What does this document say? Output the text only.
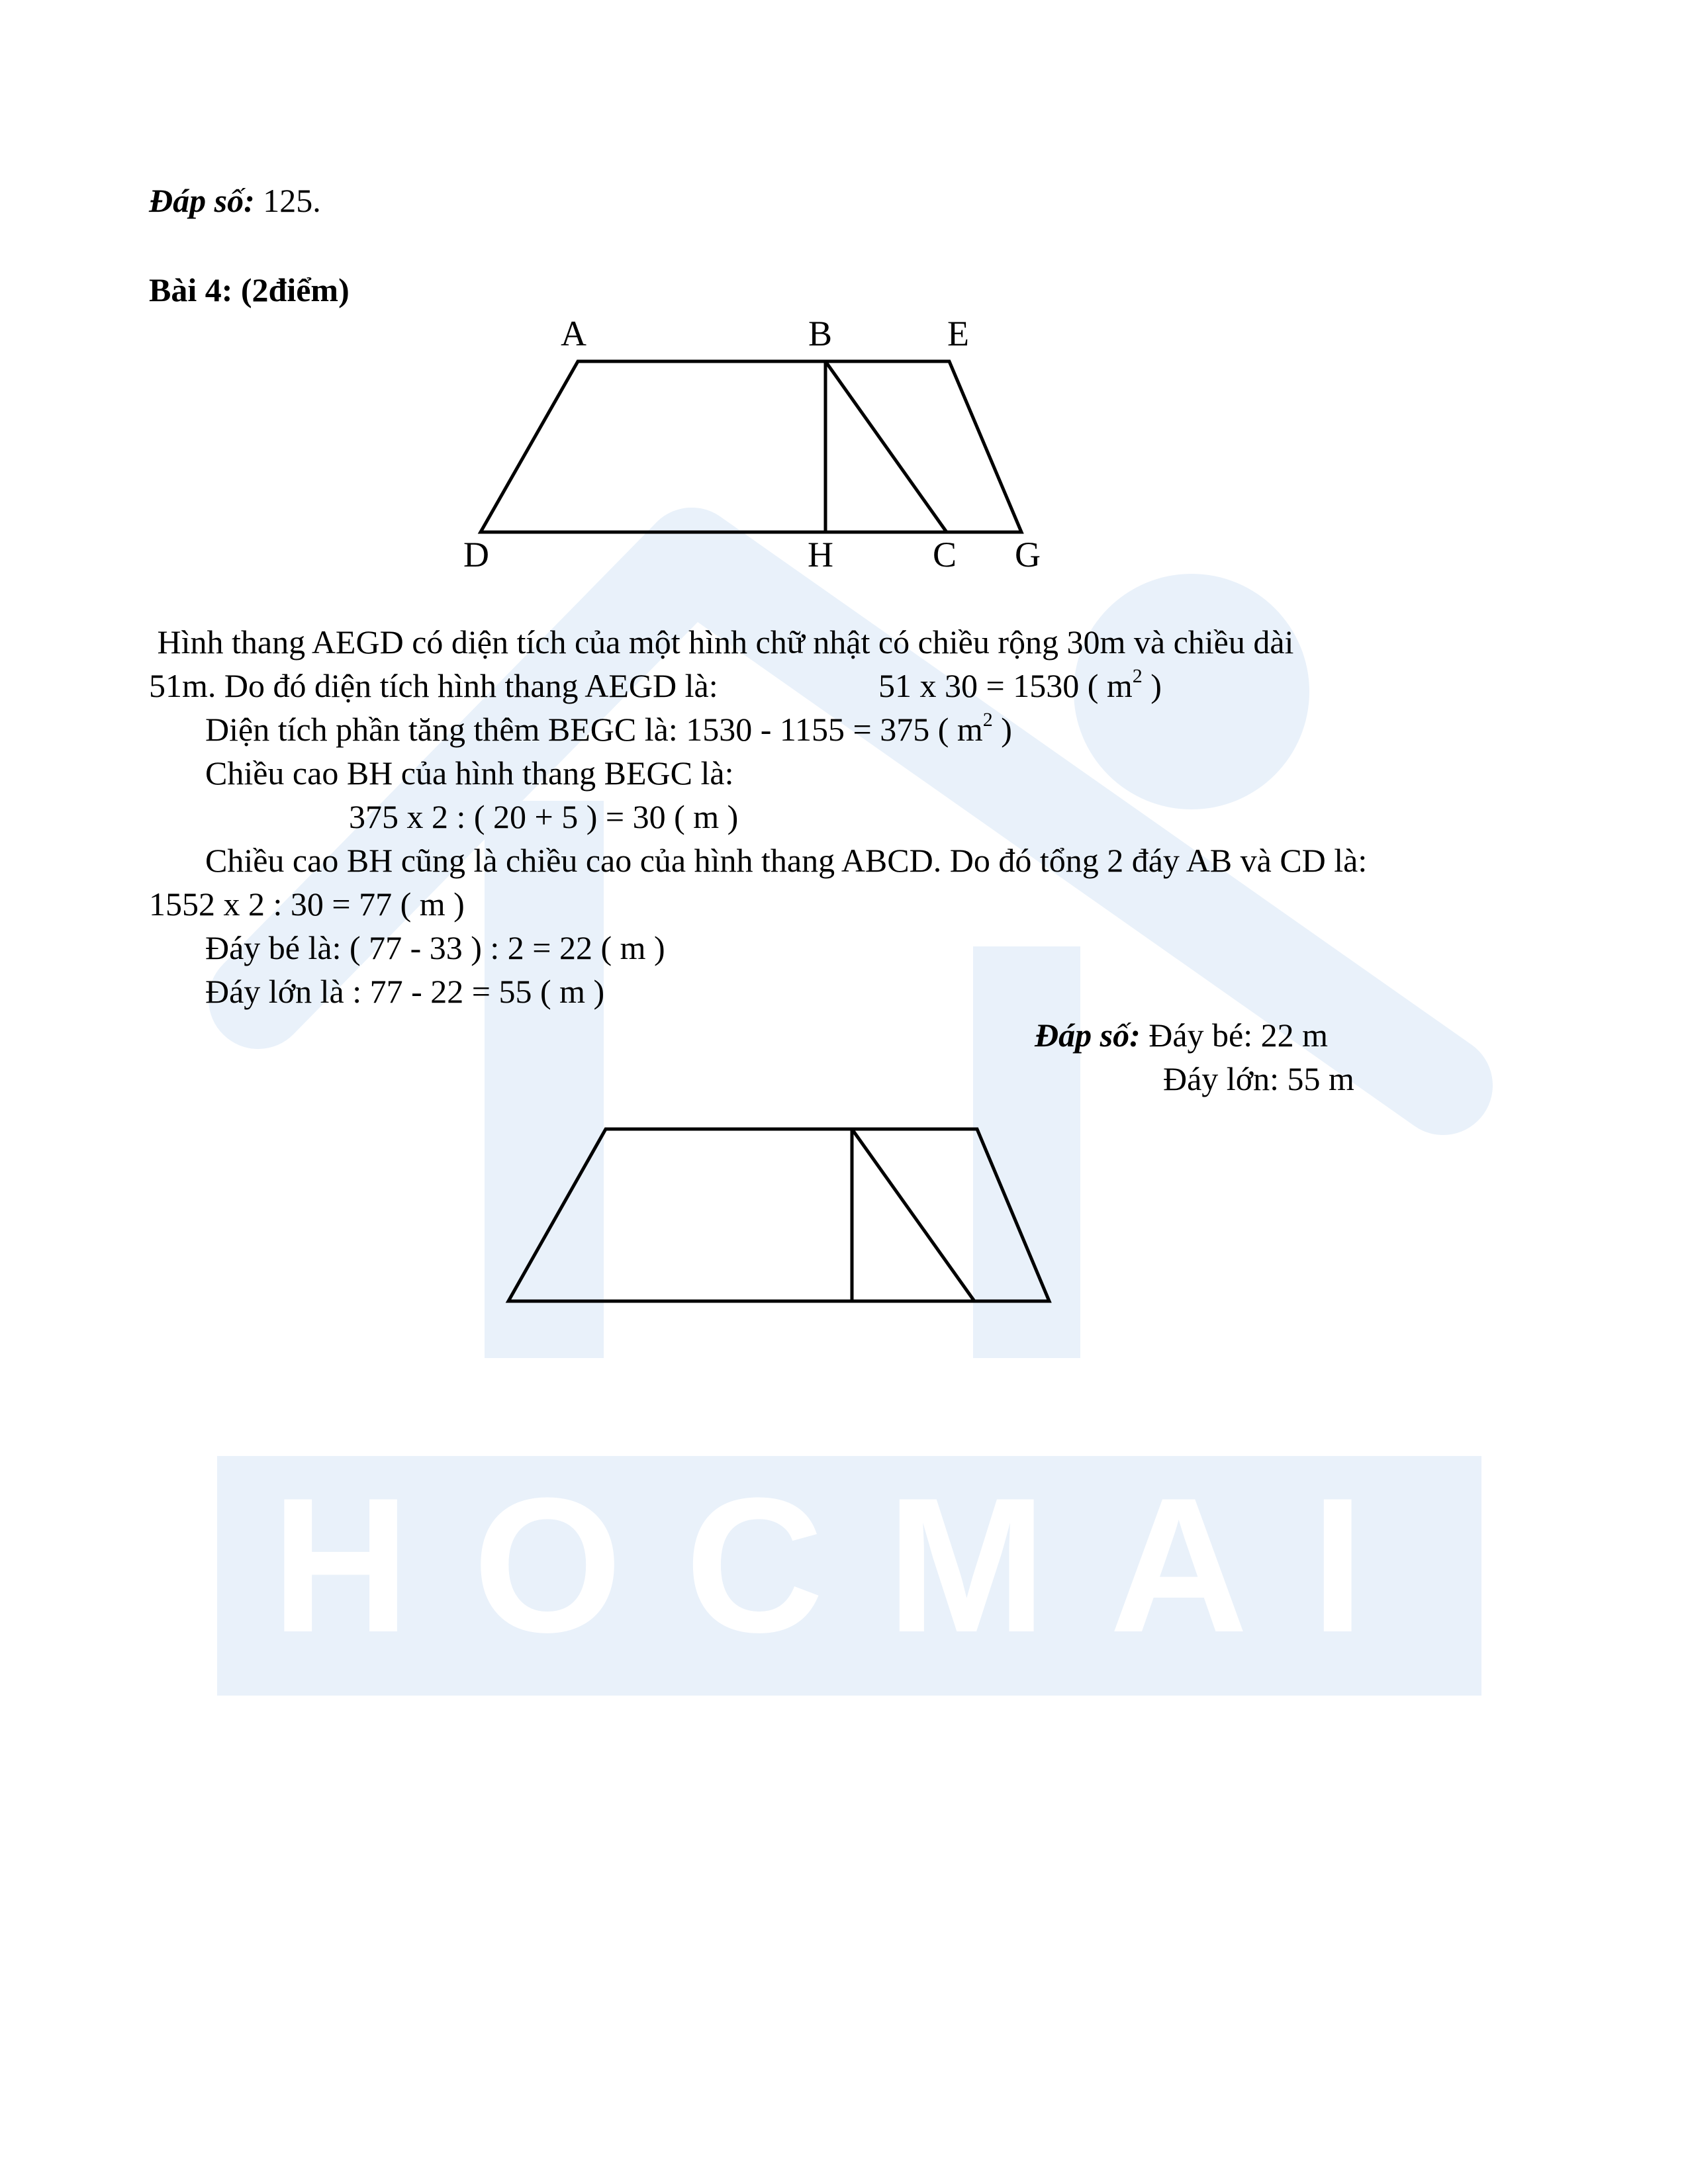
HOCMAI
Đáp số: 125.
Bài 4: (2điểm)
A	B	E
D	H	C G
Hình thang AEGD có diện tích của một hình chữ nhật có chiều rộng 30m và chiều dài
51m. Do đó diện tích hình thang AEGD là:	51 x 30 = 1530 ( $m^2$ )
Diện tích phần tăng thêm BEGC là: 1530 - 1155 = 375 ( $m^2$ )
Chiều cao BH của hình thang BEGC là:
375 x 2 : ( 20 + 5 ) = 30 ( m )
Chiều cao BH cũng là chiều cao của hình thang ABCD. Do đó tổng 2 đáy AB và CD là:
1552 x 2 : 30 = 77 ( m )
Đáy bé là: ( 77 - 33 ) : 2 = 22 ( m )
Đáy lớn là : 77 - 22 = 55 ( m )
Đáp số: Đáy bé: 22 m
Đáy lớn: 55 m
